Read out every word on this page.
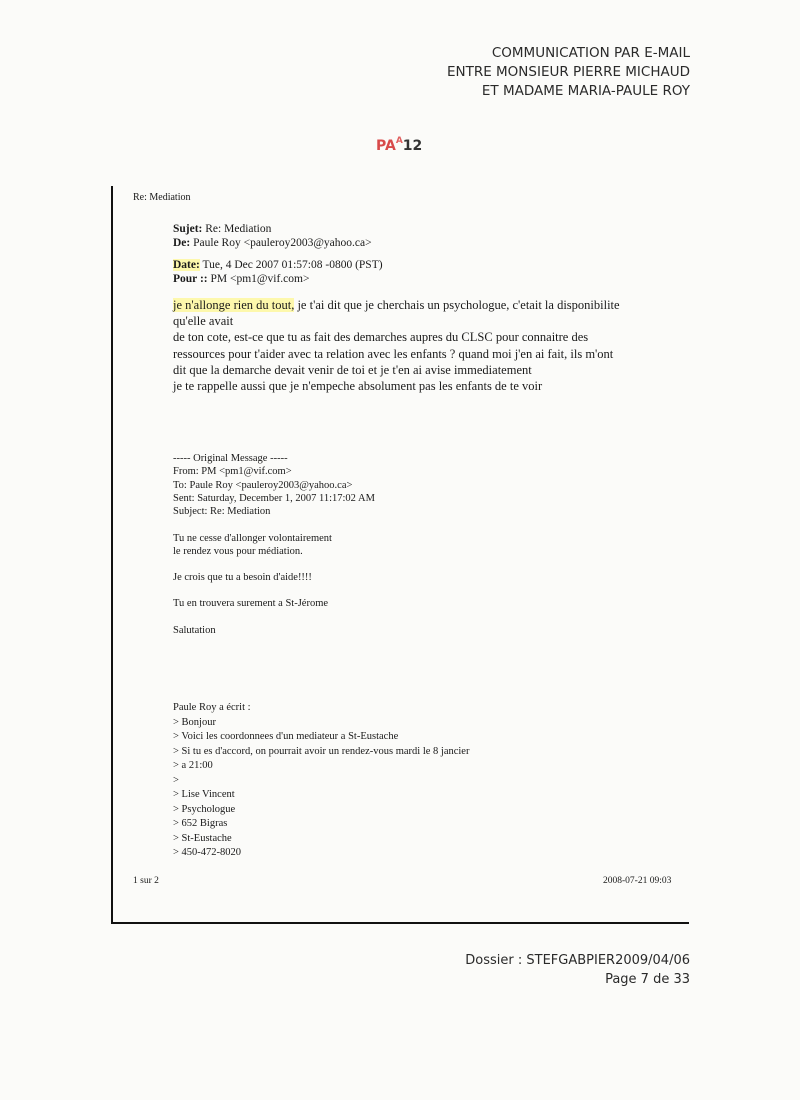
COMMUNICATION PAR E-MAIL
ENTRE MONSIEUR PIERRE MICHAUD
ET MADAME MARIA-PAULE ROY
$PA^A12$
Re: Mediation
Sujet: Re: Mediation
De: Paule Roy <pauleroy2003@yahoo.ca>
Date: Tue, 4 Dec 2007 01:57:08 -0800 (PST)
Pour :: PM <pm1@vif.com>
je n'allonge rien du tout, je t'ai dit que je cherchais un psychologue, c'etait la disponibilite
qu'elle avait
de ton cote, est-ce que tu as fait des demarches aupres du CLSC pour connaitre des
ressources pour t'aider avec ta relation avec les enfants ? quand moi j'en ai fait, ils m'ont
dit que la demarche devait venir de toi et je t'en ai avise immediatement
je te rappelle aussi que je n'empeche absolument pas les enfants de te voir
----- Original Message -----
From: PM <pm1@vif.com>
To: Paule Roy <pauleroy2003@yahoo.ca>
Sent: Saturday, December 1, 2007 11:17:02 AM
Subject: Re: Mediation
Tu ne cesse d'allonger volontairement
le rendez vous pour médiation.
Je crois que tu a besoin d'aide!!!!
Tu en trouvera surement a St-Jérome
Salutation
Paule Roy a écrit :
> Bonjour
> Voici les coordonnees d'un mediateur a St-Eustache
> Si tu es d'accord, on pourrait avoir un rendez-vous mardi le 8 jancier
> a 21:00
>
> Lise Vincent
> Psychologue
> 652 Bigras
> St-Eustache
> 450-472-8020
1 sur 2	2008-07-21 09:03
Dossier : STEFGABPIER2009/04/06
Page 7 de 33
